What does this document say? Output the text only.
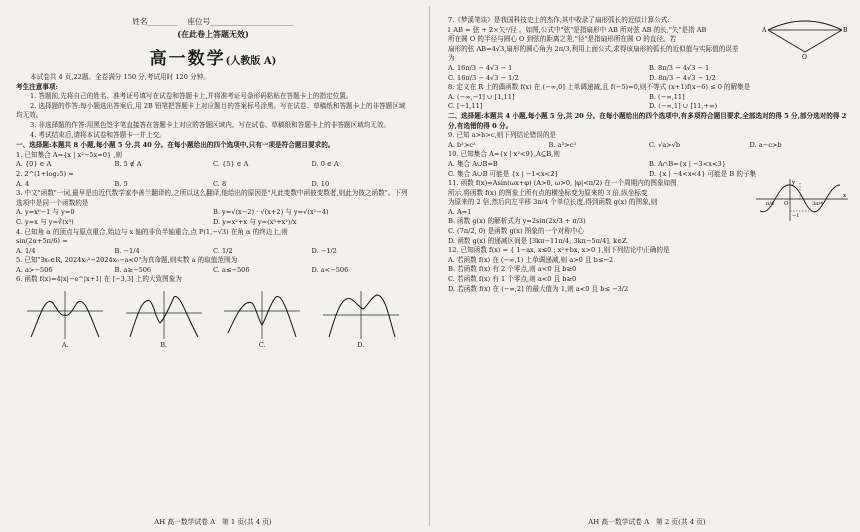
姓名________ 座位号______________________
(在此卷上答题无效)
高一数学(人教版 A)
本试卷共 4 页,22题。全卷满分 150 分,考试用时 120 分钟。
考生注意事项:
1. 答题前,先将自己的姓名、准考证号填写在试卷和答题卡上,并将准考证号条形码粘贴在答题卡上的指定位置。
2. 选择题的作答:每小题选出答案后,用 2B 铅笔把答题卡上对应题目的答案标号涂黑。写在试卷、草稿纸和答题卡上的非答题区域均无效。
3. 非选择题的作答:用黑色签字笔直接答在答题卡上对应的答题区域内。写在试卷、草稿纸和答题卡上的非答题区域均无效。
4. 考试结束后,请将本试卷和答题卡一并上交。
一、选择题:本题共 8 小题,每小题 5 分,共 40 分。在每小题给出的四个选项中,只有一项是符合题目要求的。
1. 已知集合 A={x | x²−5x=0} ,则
A. {0} ∈ A	B. 5 ∉ A	C. {5} ∈ A	D. 0 ∈ A
2. 2^(1+log₂5) =
A. 4	B. 5	C. 8	D. 10
3. 中文"函数"一词,最早是由近代数学家李善兰翻译的,之所以这么翻译,他给出的原因是"凡此变数中函彼变数者,则此为彼之函数"。下列选项中是同一个函数的是
A. y=x⁰−1 与 y=0	B. y=√(x−2) · √(x+2) 与 y=√(x²−4)
C. y=x 与 y=∛(x³)	D. y=x²+x 与 y=(x³+x²)/x
4. 已知角 α 的顶点与原点重合,始边与 x 轴的非负半轴重合,点 P(1,−√3) 在角 α 的终边上,则
sin(2α+5π/6) =
A. 1/4	B. −1/4	C. 1/2	D. −1/2
5. 已知"∃x₀∈R, 2024x₀²−2024x₀−a<0"为真命题,则实数 a 的取值范围为
A. a>−506	B. a≥−506	C. a≤−506	D. a<−506
6. 函数 f(x)=4|x|−e^|x+1| 在 [−3,3] 上的大致图象为
A.	B.	C.	D.
AH 高一数学试卷 A　第 1 页(共 4 页)
A	B
O
7.《梦溪笔谈》是我国科技史上的杰作,其中收录了扇形弧长的近似计算公式:
l_AB ≈ 弦 + 2×矢²/径 。如图,公式中"弦"是指扇形中 AB 所对弦 AB 的长,"矢"是指 AB
所在圆 O 的半径与圆心 O 到弦的距离之差,"径"是指扇形所在圆 O 的直径。若
扇形的弦 AB=4√3,扇形的圆心角为 2π/3,利用上面公式,求得该扇形的弧长的近似值与实际值的误差
为
A. 16π/3 − 4√3 − 1	B. 8π/3 − 4√3 − 1
C. 16π/3 − 4√3 − 1/2	D. 8π/3 − 4√3 − 1/2
8. 定义在 R 上的偶函数 f(x) 在 (−∞,0] 上单调递减,且 f(−5)=0,则不等式 (x+1)f(x−6) ≤ 0 的解集是
A. (−∞,−1] ∪ [1,11]	B. (−∞,11]
C. [−1,11]	D. (−∞,1] ∪ [11,+∞)
二、选择题:本题共 4 小题,每小题 5 分,共 20 分。在每小题给出的四个选项中,有多项符合题目要求,全部选对的得 5 分,部分选对的得 2 分,有选错的得 0 分。
9. 已知 a>b>c,则下列结论错误的是
A. b²>c²	B. a³>c³	C. √a>√b	D. a−c>b
10. 已知集合 A={x | x²<9},A⊆B,则
A. 集合 A∪B=B	B. A∩B={x | −3<x<3}
C. 集合 A∪B 可能是 {x | −1<x<2}	D. {x | −4<x<4} 可能是 B 的子集
y
x
O
π/4	3π/4
−1
11. 函数 f(x)=Asin(ωx+φ) (A>0, ω>0, |φ|<π/2) 在一个周期内的图象如图
所示,将函数 f(x) 的图象上所有点的横坐标变为原来的 3 倍,纵坐标变
为原来的 2 倍,然后向左平移 3π/4 个单位长度,得到函数 g(x) 的图象,则
A. A=1
B. 函数 g(x) 的解析式为 y=2sin(2x/3 + π/3)
C. (7π/2, 0) 是函数 g(x) 图象的一个对称中心
D. 函数 g(x) 的递减区间是 [3kπ−11π/4, 3kπ−5π/4], k∈Z
12. 已知函数 f(x) = { 1−ax, x≤0 ; x²+bx, x>0 },则下列结论中正确的是
A. 若函数 f(x) 在 (−∞,1) 上单调递减,则 a>0 且 b≤−2
B. 若函数 f(x) 有 2 个零点,则 a<0 且 b≥0
C. 若函数 f(x) 有 1 个零点,则 a<0 且 b≥0
D. 若函数 f(x) 在 (−∞,2] 的最大值为 1,则 a<0 且 b≤ −3/2
AH 高一数学试卷 A　第 2 页(共 4 页)
